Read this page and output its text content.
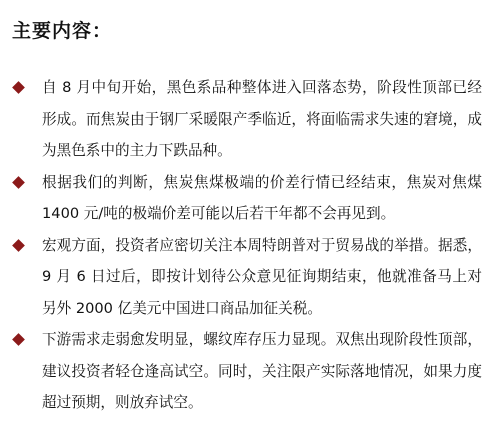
主要内容：
自 8 月中旬开始，黑色系品种整体进入回落态势，阶段性顶部已经形成。而焦炭由于钢厂采暖限产季临近，将面临需求失速的窘境，成为黑色系中的主力下跌品种。
根据我们的判断，焦炭焦煤极端的价差行情已经结束，焦炭对焦煤 1400 元/吨的极端价差可能以后若干年都不会再见到。
宏观方面，投资者应密切关注本周特朗普对于贸易战的举措。据悉， 9 月 6 日过后，即按计划待公众意见征询期结束，他就准备马上对另外 2000 亿美元中国进口商品加征关税。
下游需求走弱愈发明显，螺纹库存压力显现。双焦出现阶段性顶部，建议投资者轻仓逢高试空。同时，关注限产实际落地情况，如果力度超过预期，则放弃试空。
